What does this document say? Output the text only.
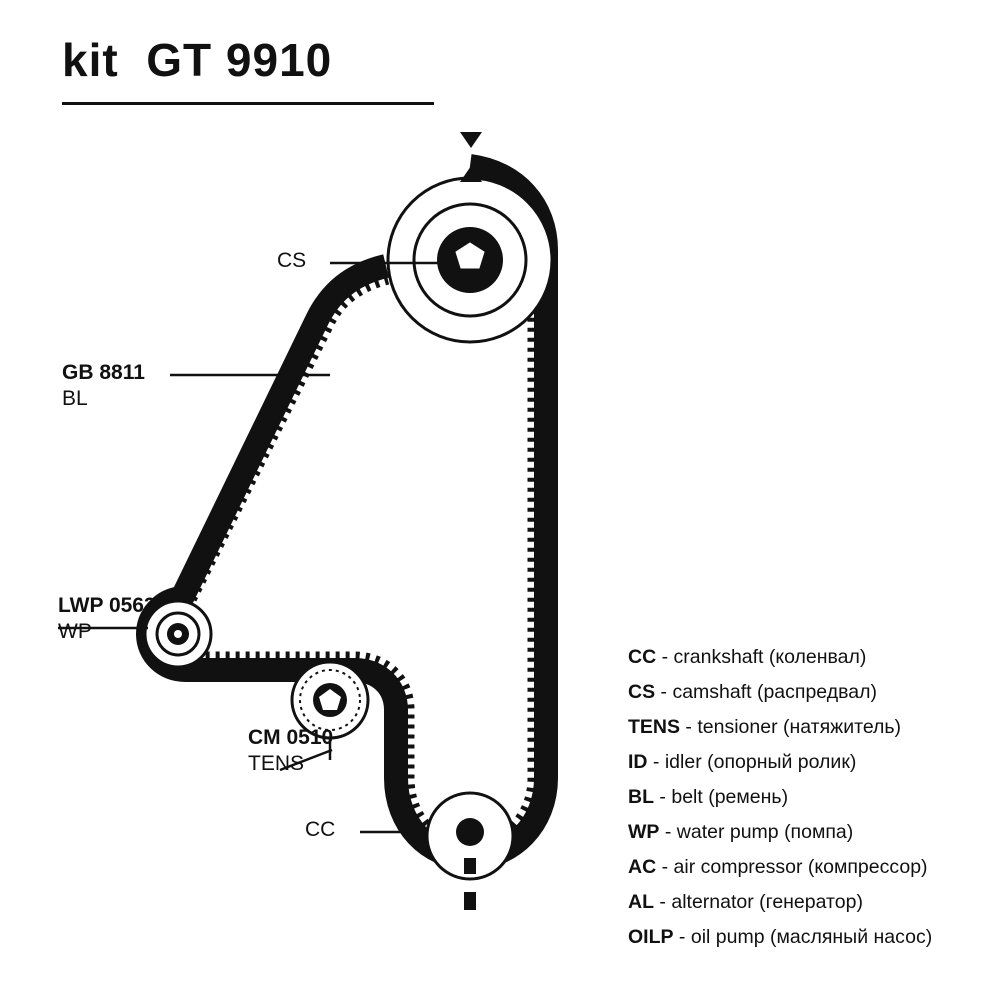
kit  GT 9910
CS
GB 8811
BL
LWP 0563
WP
CM 0510
TENS
CC
CC - crankshaft (коленвал)
CS - camshaft (распредвал)
TENS - tensioner (натяжитель)
ID - idler (опорный ролик)
BL - belt (ремень)
WP - water pump (помпа)
AC - air compressor (компрессор)
AL - alternator (генератор)
OILP - oil pump (масляный насос)
